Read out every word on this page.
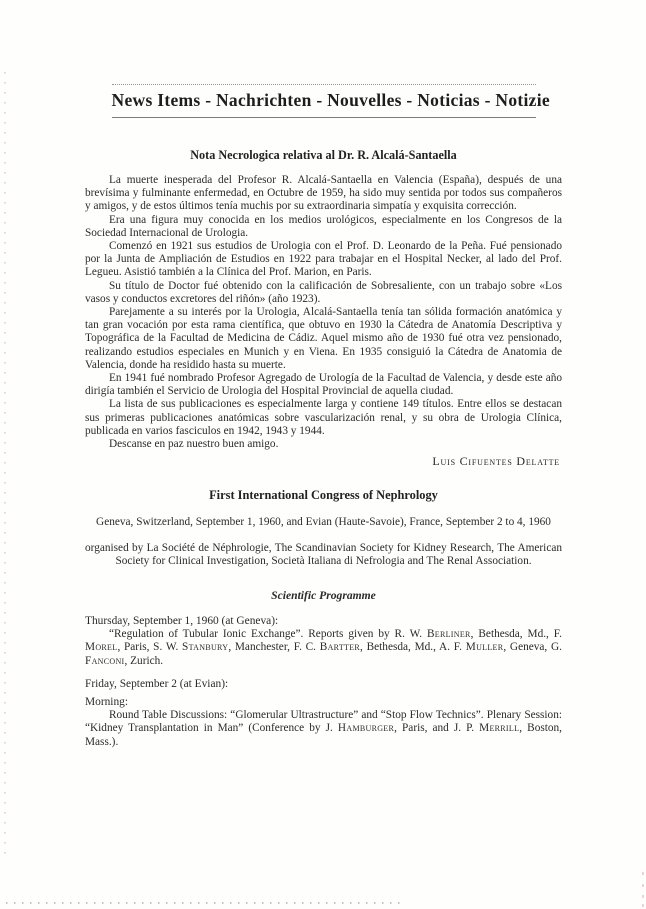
News Items - Nachrichten - Nouvelles - Noticias - Notizie
Nota Necrologica relativa al Dr. R. Alcalá-Santaella

La muerte inesperada del Profesor R. Alcalá-Santaella en Valencia (España), después de una brevísima y fulminante enfermedad, en Octubre de 1959, ha sido muy sentida por todos sus compañeros y amigos, y de estos últimos tenía muchis por su extraordinaria simpatía y exquisita corrección.

Era una figura muy conocida en los medios urológicos, especialmente en los Congresos de la Sociedad Internacional de Urologia.

Comenzó en 1921 sus estudios de Urologia con el Prof. D. Leonardo de la Peña. Fué pensionado por la Junta de Ampliación de Estudios en 1922 para trabajar en el Hospital Necker, al lado del Prof. Legueu. Asistió también a la Clínica del Prof. Marion, en Paris.

Su título de Doctor fué obtenido con la calificación de Sobresaliente, con un trabajo sobre «Los vasos y conductos excretores del riñón» (año 1923).

Parejamente a su interés por la Urologia, Alcalá-Santaella tenía tan sólida formación anatómica y tan gran vocación por esta rama científica, que obtuvo en 1930 la Cátedra de Anatomía Descriptiva y Topográfica de la Facultad de Medicina de Cádiz. Aquel mismo año de 1930 fué otra vez pensionado, realizando estudios especiales en Munich y en Viena. En 1935 consiguió la Cátedra de Anatomia de Valencia, donde ha residido hasta su muerte.

En 1941 fué nombrado Profesor Agregado de Urología de la Facultad de Valencia, y desde este año dirigía también el Servicio de Urologia del Hospital Provincial de aquella ciudad.

La lista de sus publicaciones es especialmente larga y contiene 149 títulos. Entre ellos se destacan sus primeras publicaciones anatómicas sobre vascularización renal, y su obra de Urologia Clínica, publicada en varios fasciculos en 1942, 1943 y 1944.

Descanse en paz nuestro buen amigo.

Luis Cifuentes Delatte

First International Congress of Nephrology

Geneva, Switzerland, September 1, 1960, and Evian (Haute-Savoie), France, September 2 to 4, 1960

organised by La Société de Néphrologie, The Scandinavian Society for Kidney Research, The American Society for Clinical Investigation, Società Italiana di Nefrologia and The Renal Association.

Scientific Programme

Thursday, September 1, 1960 (at Geneva):

“Regulation of Tubular Ionic Exchange”. Reports given by R. W. Berliner, Bethesda, Md., F. Morel, Paris, S. W. Stanbury, Manchester, F. C. Bartter, Bethesda, Md., A. F. Muller, Geneva, G. Fanconi, Zurich.

Friday, September 2 (at Evian):

Morning:

Round Table Discussions: “Glomerular Ultrastructure” and “Stop Flow Technics”. Plenary Session: “Kidney Transplantation in Man” (Conference by J. Hamburger, Paris, and J. P. Merrill, Boston, Mass.).
